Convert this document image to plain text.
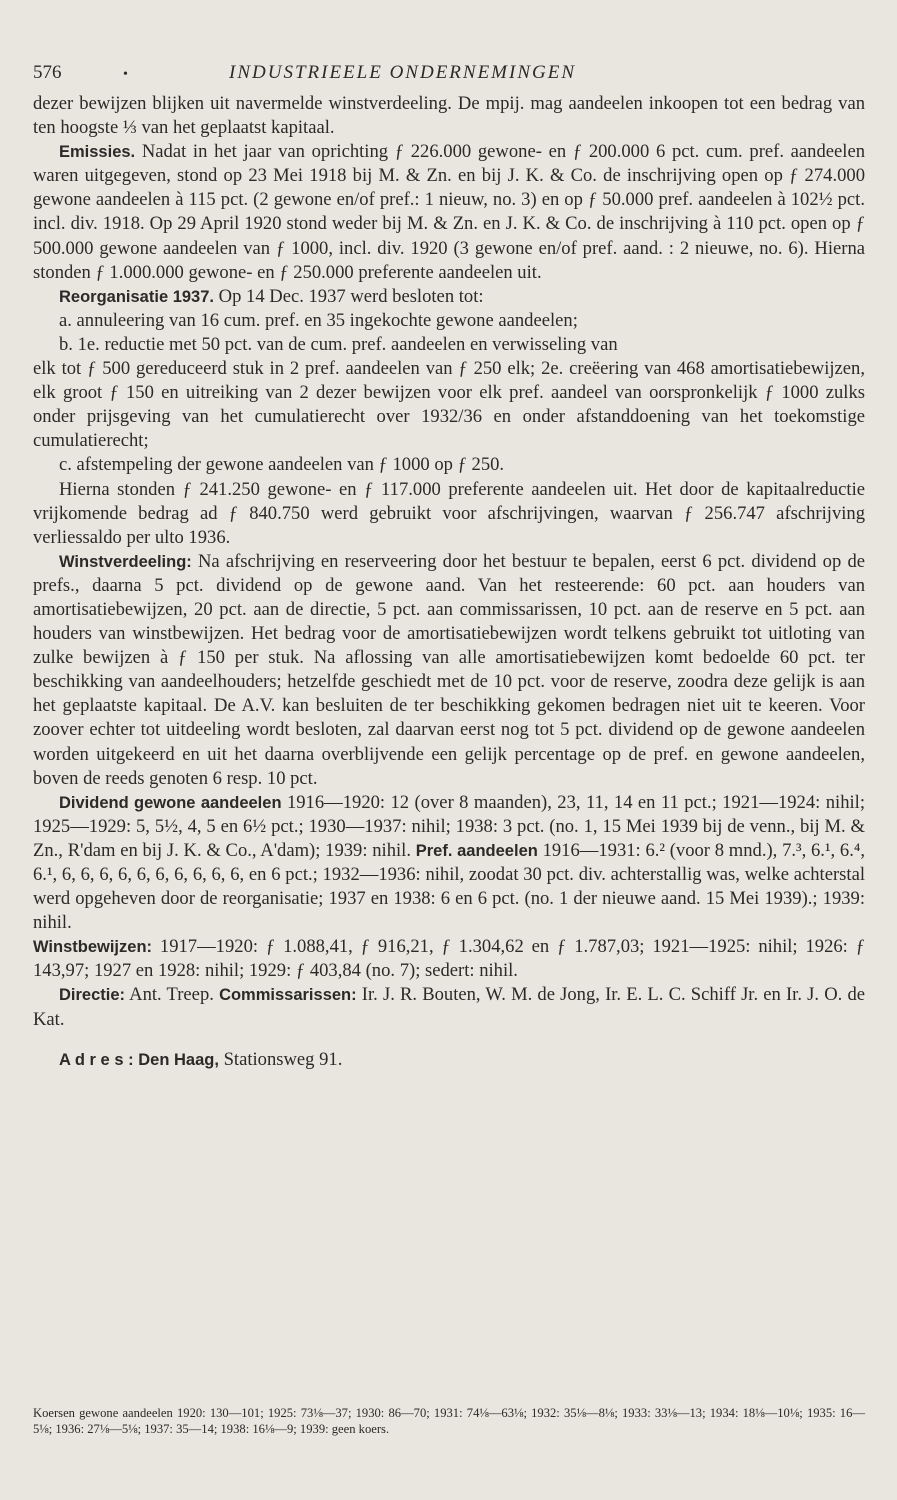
576	•	INDUSTRIEELE ONDERNEMINGEN

dezer bewijzen blijken uit navermelde winstverdeeling. De mpij. mag aandeelen inkoopen tot een bedrag van ten hoogste ⅓ van het geplaatst kapitaal.

Emissies. Nadat in het jaar van oprichting ƒ 226.000 gewone- en ƒ 200.000 6 pct. cum. pref. aandeelen waren uitgegeven, stond op 23 Mei 1918 bij M. & Zn. en bij J. K. & Co. de inschrijving open op ƒ 274.000 gewone aandeelen à 115 pct. (2 gewone en/of pref.: 1 nieuw, no. 3) en op ƒ 50.000 pref. aandeelen à 102½ pct. incl. div. 1918. Op 29 April 1920 stond weder bij M. & Zn. en J. K. & Co. de inschrijving à 110 pct. open op ƒ 500.000 gewone aandeelen van ƒ 1000, incl. div. 1920 (3 gewone en/of pref. aand. : 2 nieuwe, no. 6). Hierna stonden ƒ 1.000.000 gewone- en ƒ 250.000 preferente aandeelen uit.

Reorganisatie 1937. Op 14 Dec. 1937 werd besloten tot:

a. annuleering van 16 cum. pref. en 35 ingekochte gewone aandeelen;

b. 1e. reductie met 50 pct. van de cum. pref. aandeelen en verwisseling van

elk tot ƒ 500 gereduceerd stuk in 2 pref. aandeelen van ƒ 250 elk; 2e. creëering van 468 amortisatiebewijzen, elk groot ƒ 150 en uitreiking van 2 dezer bewijzen voor elk pref. aandeel van oorspronkelijk ƒ 1000 zulks onder prijsgeving van het cumulatierecht over 1932/36 en onder afstanddoening van het toekomstige cumulatierecht;

c. afstempeling der gewone aandeelen van ƒ 1000 op ƒ 250.

Hierna stonden ƒ 241.250 gewone- en ƒ 117.000 preferente aandeelen uit. Het door de kapitaalreductie vrijkomende bedrag ad ƒ 840.750 werd gebruikt voor afschrijvingen, waarvan ƒ 256.747 afschrijving verliessaldo per ulto 1936.

Winstverdeeling: Na afschrijving en reserveering door het bestuur te bepalen, eerst 6 pct. dividend op de prefs., daarna 5 pct. dividend op de gewone aand. Van het resteerende: 60 pct. aan houders van amortisatiebewijzen, 20 pct. aan de directie, 5 pct. aan commissarissen, 10 pct. aan de reserve en 5 pct. aan houders van winstbewijzen. Het bedrag voor de amortisatiebewijzen wordt telkens gebruikt tot uitloting van zulke bewijzen à ƒ 150 per stuk. Na aflossing van alle amortisatiebewijzen komt bedoelde 60 pct. ter beschikking van aandeelhouders; hetzelfde geschiedt met de 10 pct. voor de reserve, zoodra deze gelijk is aan het geplaatste kapitaal. De A.V. kan besluiten de ter beschikking gekomen bedragen niet uit te keeren. Voor zoover echter tot uitdeeling wordt besloten, zal daarvan eerst nog tot 5 pct. dividend op de gewone aandeelen worden uitgekeerd en uit het daarna overblijvende een gelijk percentage op de pref. en gewone aandeelen, boven de reeds genoten 6 resp. 10 pct.

Dividend gewone aandeelen 1916—1920: 12 (over 8 maanden), 23, 11, 14 en 11 pct.; 1921—1924: nihil; 1925—1929: 5, 5½, 4, 5 en 6½ pct.; 1930—1937: nihil; 1938: 3 pct. (no. 1, 15 Mei 1939 bij de venn., bij M. & Zn., R'dam en bij J. K. & Co., A'dam); 1939: nihil. Pref. aandeelen 1916—1931: 6.² (voor 8 mnd.), 7.³, 6.¹, 6.⁴, 6.¹, 6, 6, 6, 6, 6, 6, 6, 6, 6, 6, en 6 pct.; 1932—1936: nihil, zoodat 30 pct. div. achterstallig was, welke achterstal werd opgeheven door de reorganisatie; 1937 en 1938: 6 en 6 pct. (no. 1 der nieuwe aand. 15 Mei 1939).; 1939: nihil.

Winstbewijzen: 1917—1920: ƒ 1.088,41, ƒ 916,21, ƒ 1.304,62 en ƒ 1.787,03; 1921—1925: nihil; 1926: ƒ 143,97; 1927 en 1928: nihil; 1929: ƒ 403,84 (no. 7); sedert: nihil.

Directie: Ant. Treep. Commissarissen: Ir. J. R. Bouten, W. M. de Jong, Ir. E. L. C. Schiff Jr. en Ir. J. O. de Kat.

A d r e s : Den Haag, Stationsweg 91.

Koersen gewone aandeelen 1920: 130—101; 1925: 73⅛—37; 1930: 86—70; 1931: 74⅛—63⅛; 1932: 35⅛—8⅛; 1933: 33⅛—13; 1934: 18⅛—10⅛; 1935: 16—5⅛; 1936: 27⅛—5⅛; 1937: 35—14; 1938: 16⅛—9; 1939: geen koers.
